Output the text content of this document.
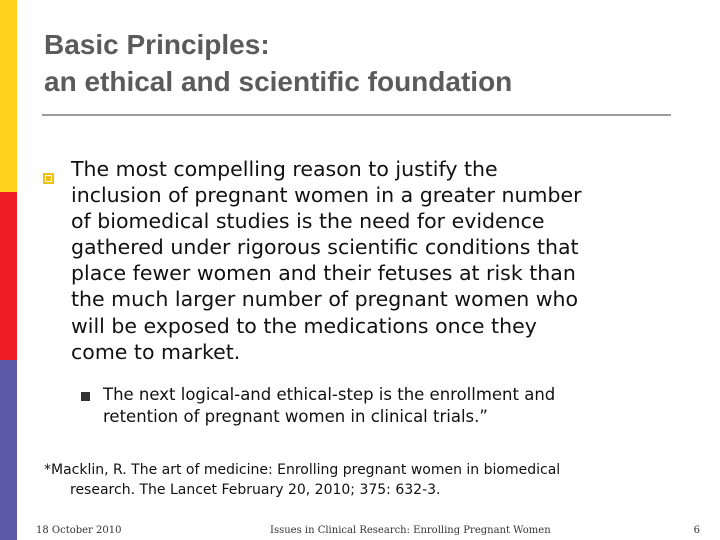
Basic Principles:
an ethical and scientific foundation
The most compelling reason to justify the
inclusion of pregnant women in a greater number
of biomedical studies is the need for evidence
gathered under rigorous scientific conditions that
place fewer women and their fetuses at risk than
the much larger number of pregnant women who
will be exposed to the medications once they
come to market.
The next logical-and ethical-step is the enrollment and
retention of pregnant women in clinical trials.”
*Macklin, R. The art of medicine: Enrolling pregnant women in biomedical
research. The Lancet February 20, 2010; 375: 632-3.
18 October 2010	Issues in Clinical Research: Enrolling Pregnant Women	6
